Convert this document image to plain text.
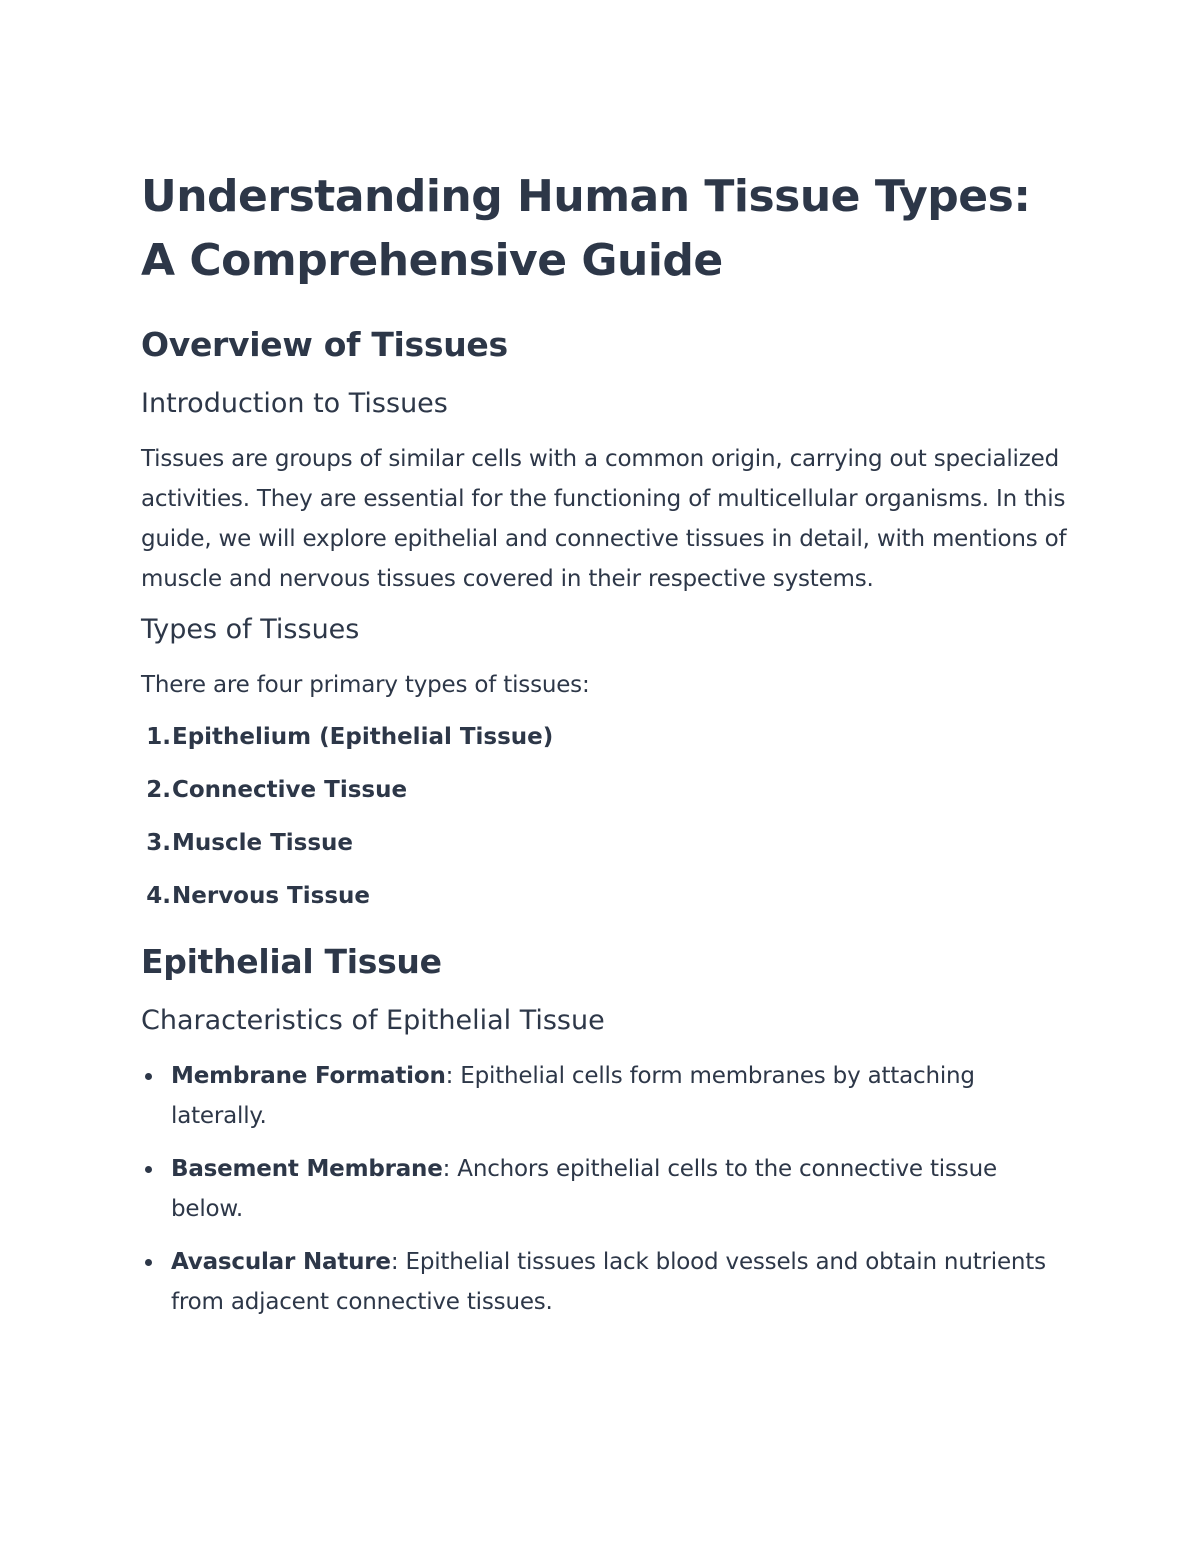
Understanding Human Tissue Types: A Comprehensive Guide
Overview of Tissues
Introduction to Tissues

Tissues are groups of similar cells with a common origin, carrying out specialized activities. They are essential for the functioning of multicellular organisms. In this guide, we will explore epithelial and connective tissues in detail, with mentions of muscle and nervous tissues covered in their respective systems.

Types of Tissues

There are four primary types of tissues:

1. Epithelium (Epithelial Tissue)
2. Connective Tissue
3. Muscle Tissue
4. Nervous Tissue
Epithelial Tissue
Characteristics of Epithelial Tissue
Membrane Formation: Epithelial cells form membranes by attaching laterally.
Basement Membrane: Anchors epithelial cells to the connective tissue below.
Avascular Nature: Epithelial tissues lack blood vessels and obtain nutrients from adjacent connective tissues.
